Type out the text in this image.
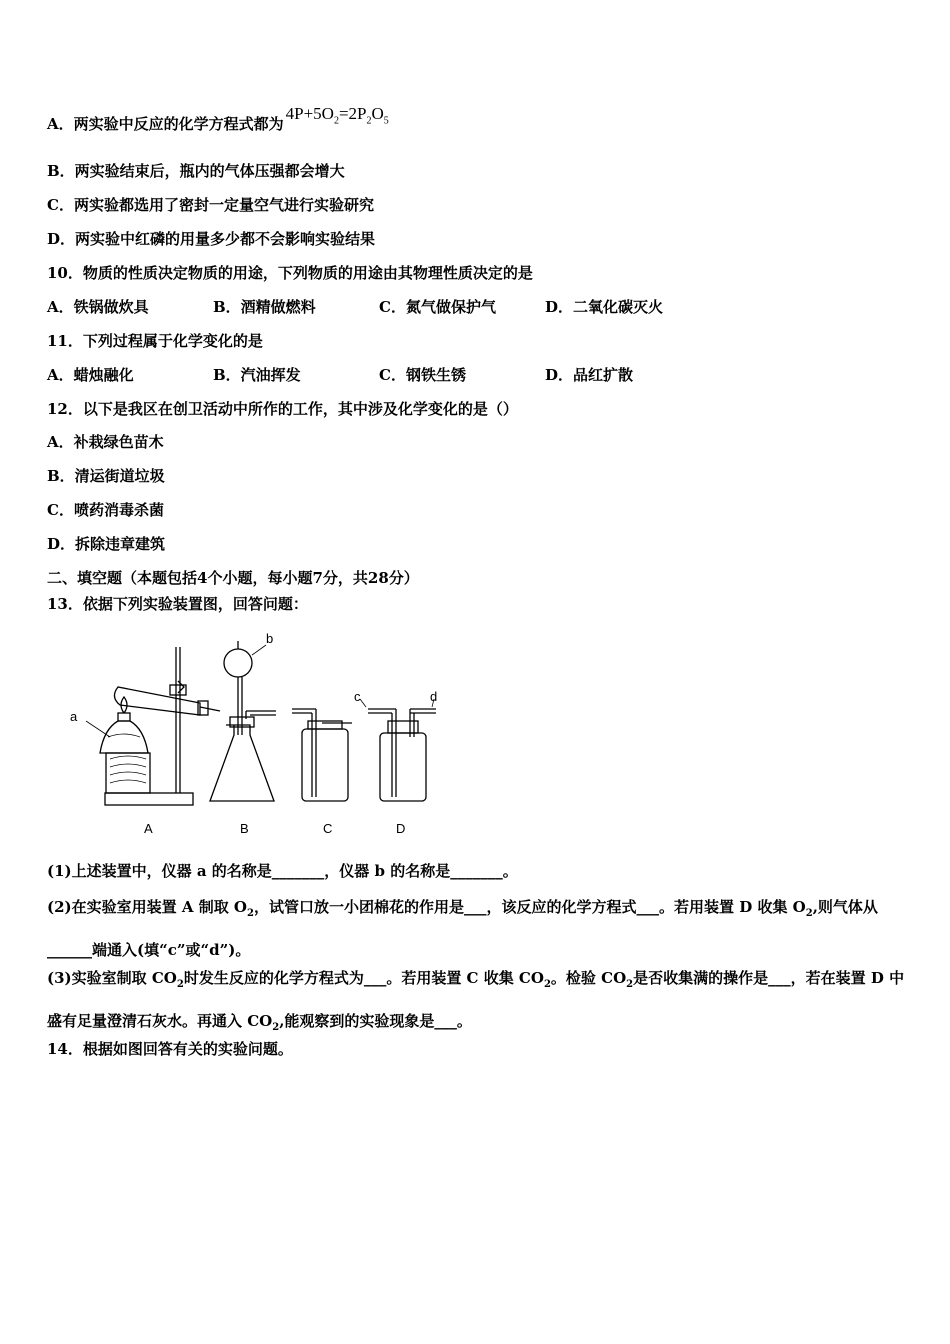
A．两实验中反应的化学方程式都为$4P+5O_2=2P_2O_5$
B．两实验结束后，瓶内的气体压强都会增大
C．两实验都选用了密封一定量空气进行实验研究
D．两实验中红磷的用量多少都不会影响实验结果
10．物质的性质决定物质的用途，下列物质的用途由其物理性质决定的是
A．铁锅做炊具	B．酒精做燃料	C．氮气做保护气	D．二氧化碳灭火
11．下列过程属于化学变化的是
A．蜡烛融化	B．汽油挥发	C．钢铁生锈	D．品红扩散
12．以下是我区在创卫活动中所作的工作，其中涉及化学变化的是（）
A．补栽绿色苗木
B．清运街道垃圾
C．喷药消毒杀菌
D．拆除违章建筑
二、填空题（本题包括4个小题，每小题7分，共28分）
13．依据下列实验装置图，回答问题：
a
b
c	d
A	B	C	D
(1)上述装置中，仪器 a 的名称是_______，仪器 b 的名称是_______。
(2)在实验室用装置 A 制取 $O_2$，试管口放一小团棉花的作用是___，该反应的化学方程式___。若用装置 D 收集 $O_2$,则气体从______端通入(填“c”或“d”)。
(3)实验室制取 $CO_2$时发生反应的化学方程式为___。若用装置 C 收集 $CO_2$。检验 $CO_2$是否收集满的操作是___，若在装置 D 中盛有足量澄清石灰水。再通入 $CO_2$,能观察到的实验现象是___。
14．根据如图回答有关的实验问题。
